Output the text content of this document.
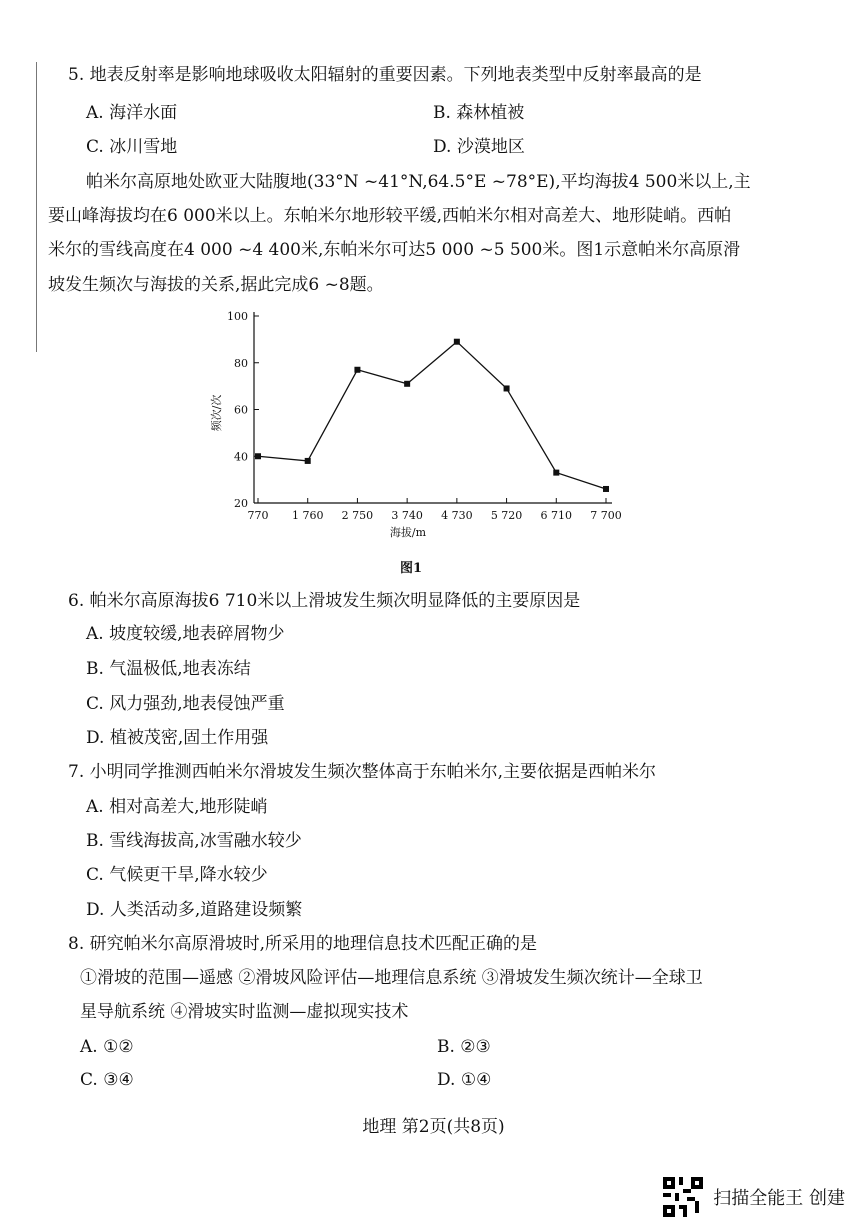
5. 地表反射率是影响地球吸收太阳辐射的重要因素。下列地表类型中反射率最高的是
A. 海洋水面	B. 森林植被
C. 冰川雪地	D. 沙漠地区
帕米尔高原地处欧亚大陆腹地(33°N ~41°N,64.5°E ~78°E),平均海拔4 500米以上,主
要山峰海拔均在6 000米以上。东帕米尔地形较平缓,西帕米尔相对高差大、地形陡峭。西帕
米尔的雪线高度在4 000 ~4 400米,东帕米尔可达5 000 ~5 500米。图1示意帕米尔高原滑
坡发生频次与海拔的关系,据此完成6 ~8题。
20
40
60
80
100
770 1 760 2 750 3 740 4 730 5 720 6 710 7 700
频次/次
海拔/m
图1
6. 帕米尔高原海拔6 710米以上滑坡发生频次明显降低的主要原因是
A. 坡度较缓,地表碎屑物少
B. 气温极低,地表冻结
C. 风力强劲,地表侵蚀严重
D. 植被茂密,固土作用强
7. 小明同学推测西帕米尔滑坡发生频次整体高于东帕米尔,主要依据是西帕米尔
A. 相对高差大,地形陡峭
B. 雪线海拔高,冰雪融水较少
C. 气候更干旱,降水较少
D. 人类活动多,道路建设频繁
8. 研究帕米尔高原滑坡时,所采用的地理信息技术匹配正确的是
①滑坡的范围—遥感 ②滑坡风险评估—地理信息系统 ③滑坡发生频次统计—全球卫
星导航系统 ④滑坡实时监测—虚拟现实技术
A. ①②	B. ②③
C. ③④	D. ①④
地理 第2页(共8页)
扫描全能王 创建
